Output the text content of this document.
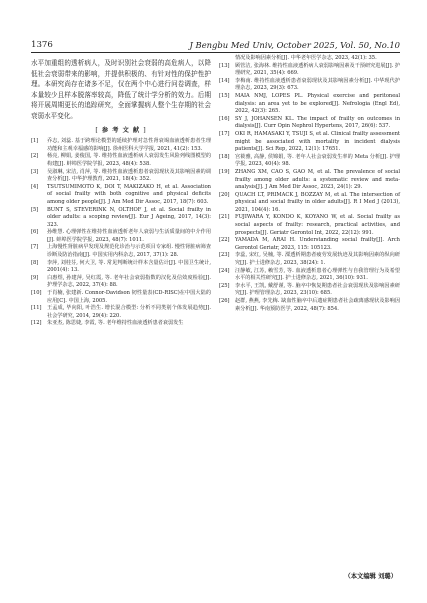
1376	J Bengbu Med Univ, October 2025, Vol. 50, No.10

水平加重组的透析病人，及时识别社会衰弱的高危病人，以降低社会衰弱带来的影响，并提供积极的、有针对性的保护性护理。本研究尚存在诸多不足，仅在两个中心进行问卷调查，样本量较少且样本脱落率较高，降低了统计学分析的效力。后期将开展周期更长的追踪研究，全面掌握病人整个生存期的社会衰弱水平变化。

[ 参 考 文 献 ]
[1]	乔志, 刘蕊. 基于跨理论模型的延续护理对急性肾衰竭血液透析患者生理功能和主观幸福感的影响[J]. 徐州医科大学学报, 2021, 41(2): 153.
[2]	杨亮, 柳娟, 姜俊国, 等. 维持性血液透析病人衰弱发生风险列线图模型的构建[J]. 蚌埠医学院学报, 2023, 48(4): 538.
[3]	吴淑琳, 宋洁, 肖萍, 等. 维持性血液透析患者衰弱现状及其影响因素的调查分析[J]. 中华护理教育, 2021, 18(4): 352.
[4]	TSUTSUMIMOTO K, DOI T, MAKIZAKO H, et al. Association of social frailty with both cognitive and physical deficits among older people[J]. J Am Med Dir Assoc, 2017, 18(7): 603.
[5]	BUNT S, STEVERINK N, OLTHOF J, et al. Social frailty in older adults: a scoping review[J]. Eur J Ageing, 2017, 14(3): 323.
[6]	孙维慧. 心理弹性在维持性血液透析老年人衰弱与生活质量间的中介作用[J]. 蚌埠医学院学报, 2023, 48(7): 1011.
[7]	上海慢性肾脏病早发现及规范化诊治与示范项目专家组. 慢性肾脏病筛查诊断及防治指南[J]. 中国实用内科杂志, 2017, 37(1): 28.
[8]	李萍, 刘桂芬, 何大卫, 等. 常见判断统计样本含量估计[J]. 中国卫生统计, 2001(4): 13.
[9]	白惠煜, 孙建萍, 吴红霞, 等. 老年社会衰弱指数的汉化及信效度检验[J]. 护理学杂志, 2022, 37(4): 88.
[10]	于肖楠, 张建新. Connor-Davidson 韧性量表(CD-RISC)在中国大陆的应用[C]. 中国上海, 2005.
[11]	王孟成, 毕向阳, 叶浩生. 增长混合模型: 分析不同类别个体发展趋势[J]. 社会学研究, 2014, 29(4): 220.
[12]	朱亚杰, 陈思婕, 李霞, 等. 老年维持性血液透析患者衰弱发生
情况及影响因素分析[J]. 中华老年医学杂志, 2023, 42(1): 35.
[13]	顾管洁, 张海林. 维持性血液透析病人衰弱影响因素及干预研究进展[J]. 护理研究, 2021, 35(4): 669.
[14]	李梅南. 维持性血液透析患者衰弱现状及其影响因素分析[J]. 中华现代护理杂志, 2023, 29(3): 673.
[15]	MAIA NMJ, LOPES PL. Physical exercise and peritoneal dialysis: an area yet to be explored[J]. Nefrologia (Engl Ed), 2022, 42(3): 265.
[16]	SY J, JOHANSEN KL. The impact of frailty on outcomes in dialysis[J]. Curr Opin Nephrol Hypertens, 2017, 26(6): 537.
[17]	OKI R, HAMASAKI Y, TSUJI S, et al. Clinical frailty assessment might be associated with mortality in incident dialysis patients[J]. Sci Rep, 2022, 12(1): 17651.
[18]	宫筱雅, 高静, 侯锦娟, 等. 老年人社会衰弱发生率的 Meta 分析[J]. 护理学报, 2023, 40(4): 98.
[19]	ZHANG XM, CAO S, GAO M, et al. The prevalence of social frailty among older adults: a systematic review and meta-analysis[J]. J Am Med Dir Assoc, 2023, 24(1): 29.
[20]	QUACH LT, PRIMACK J, BOZZAY M, et al. The intersection of physical and social frailty in older adults[J]. R I Med J (2013), 2021, 104(4): 16.
[21]	FUJIWARA Y, KONDO K, KOYANO W, et al. Social frailty as social aspects of frailty: research, practical activities, and prospects[J]. Geriatr Gerontol Int, 2022, 22(12): 991.
[22]	YAMADA M, ARAI H. Understanding social frailty[J]. Arch Gerontol Geriatr, 2023, 115: 105123.
[23]	李蕊, 宋红, 吴楠, 等. 溧透析期患者疲劳发展轨迹及其影响因素的纵向研究[J]. 护士进修杂志, 2023, 38(24): 1.
[24]	汪静敏, 江苏, 赖雪芳, 等. 血液透析患者心理弹性与自我管理行为及希望水平的相关性研究[J]. 护士进修杂志, 2021, 36(10): 931.
[25]	李水平, 王凯, 戴舒谨, 等. 脑卒中恢复期患者社会衰弱现状及影响因素研究[J]. 护理管理杂志, 2023, 23(10): 685.
[26]	赵群, 燕燕, 李先梅. 缺血性脑卒中后遗症期患者社会疏离感现状及影响因素分析[J]. 华南预防医学, 2022, 48(7): 854.
（本文编辑 刘璐）
